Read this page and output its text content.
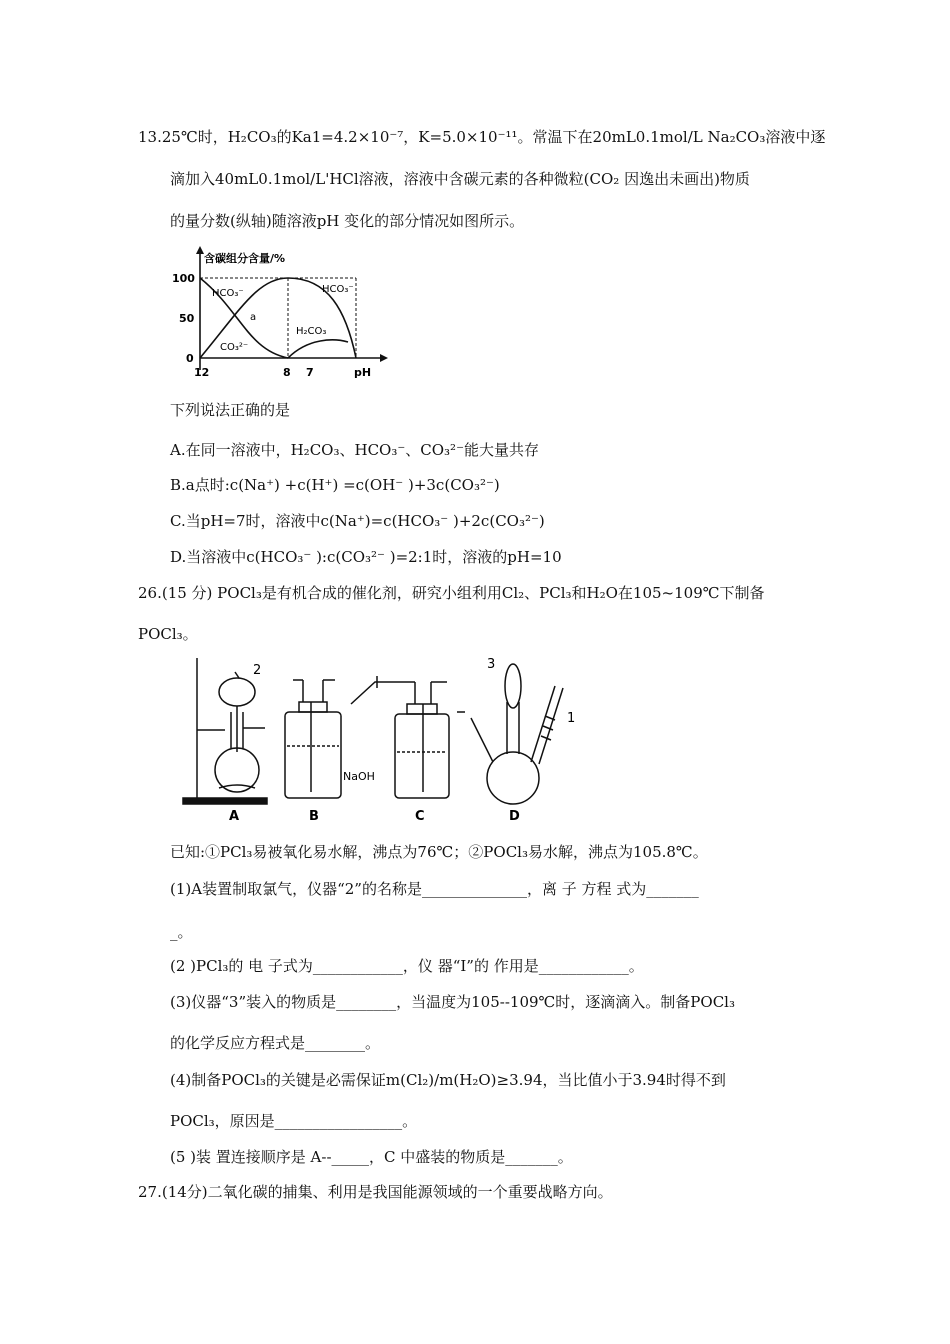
13.25℃时，H₂CO₃的Ka1=4.2×10⁻⁷，K=5.0×10⁻¹¹。常温下在20mL0.1mol/L Na₂CO₃溶液中逐
滴加入40mL0.1mol/L'HCl溶液，溶液中含碳元素的各种微粒(CO₂ 因逸出未画出)物质
的量分数(纵轴)随溶液pH 变化的部分情况如图所示。
含碳组分含量/%
100
50
0
12	8 7	pH
HCO₃⁻	HCO₃⁻
a
CO₃²⁻
H₂CO₃
下列说法正确的是
A.在同一溶液中，H₂CO₃、HCO₃⁻、CO₃²⁻能大量共存
B.a点时:c(Na⁺) +c(H⁺) =c(OH⁻ )+3c(CO₃²⁻)
C.当pH=7时，溶液中c(Na⁺)=c(HCO₃⁻ )+2c(CO₃²⁻)
D.当溶液中c(HCO₃⁻ ):c(CO₃²⁻ )=2:1时，溶液的pH=10
26.(15 分) POCl₃是有机合成的催化剂，研究小组利用Cl₂、PCl₃和H₂O在105~109℃下制备
POCl₃。
2
A
NaOH
B	C
3
1
D
已知:①PCl₃易被氧化易水解，沸点为76℃；②POCl₃易水解，沸点为105.8℃。
(1)A装置制取氯气，仪器“2”的名称是______________，离 子 方程 式为_______
_。
(2 )PCl₃的 电 子式为____________，仪 器“I”的 作用是____________。
(3)仪器“3”装入的物质是________，当温度为105--109℃时，逐滴滴入。制备POCl₃
的化学反应方程式是________。
(4)制备POCl₃的关键是必需保证m(Cl₂)/m(H₂O)≥3.94，当比值小于3.94时得不到
POCl₃，原因是_________________。
(5 )装 置连接顺序是 A--_____，C 中盛装的物质是_______。
27.(14分)二氧化碳的捕集、利用是我国能源领域的一个重要战略方向。
